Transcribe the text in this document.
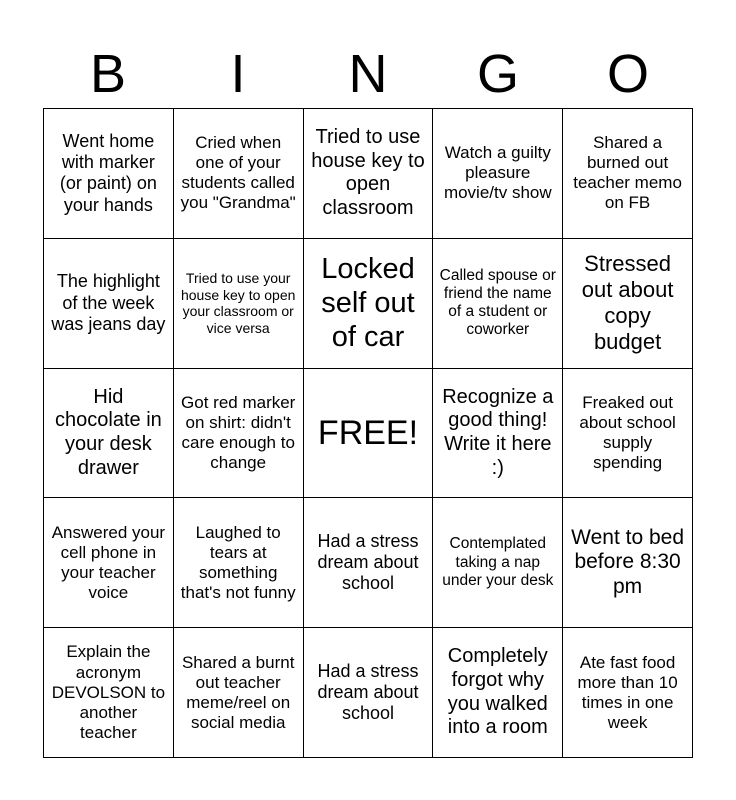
B	I	N	G	O
Went home with marker (or paint) on your hands
Cried when one of your students called you "Grandma"
Tried to use house key to open classroom
Watch a guilty pleasure movie/tv show
Shared a burned out teacher memo on FB
The highlight of the week was jeans day
Tried to use your house key to open your classroom or vice versa
Locked self out of car
Called spouse or friend the name of a student or coworker
Stressed out about copy budget
Hid chocolate in your desk drawer
Got red marker on shirt: didn't care enough to change
FREE!
Recognize a good thing! Write it here :)
Freaked out about school supply spending
Answered your cell phone in your teacher voice
Laughed to tears at something that's not funny
Had a stress dream about school
Contemplated taking a nap under your desk
Went to bed before 8:30 pm
Explain the acronym DEVOLSON to another teacher
Shared a burnt out teacher meme/reel on social media
Had a stress dream about school
Completely forgot why you walked into a room
Ate fast food more than 10 times in one week
